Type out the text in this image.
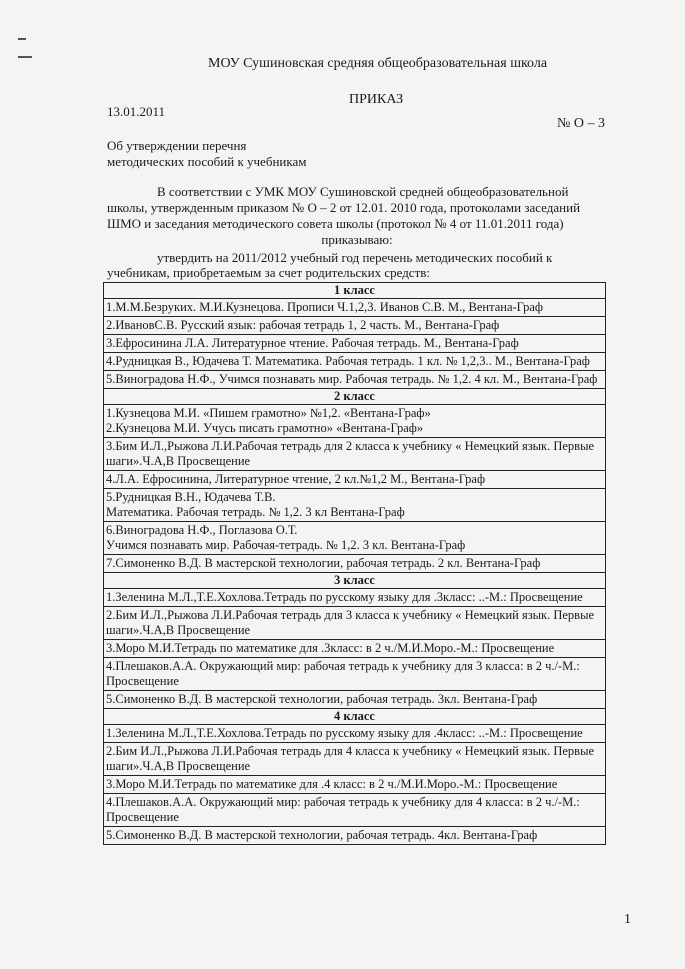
МОУ Сушиновская средняя общеобразовательная школа
ПРИКАЗ
13.01.2011
№ О – 3
Об утверждении перечня
методических пособий к учебникам

В соответствии с УМК МОУ Сушиновской средней общеобразовательной

школы, утвержденным приказом № О – 2 от 12.01. 2010 года, протоколами заседаний

ШМО и заседания методического совета школы (протокол № 4 от 11.01.2011 года)

приказываю:

утвердить на 2011/2012 учебный год перечень методических пособий к учебникам, приобретаемым за счет родительских средств:
1 класс

1.М.М.Безруких. М.И.Кузнецова. Прописи Ч.1,2,3. Иванов С.В. М., Вентана-Граф

2.ИвановС.В. Русский язык: рабочая тетрадь 1, 2 часть. М., Вентана-Граф

3.Ефросинина Л.А. Литературное чтение. Рабочая тетрадь. М., Вентана-Граф

4.Рудницкая В., Юдачева Т. Математика. Рабочая тетрадь. 1 кл. № 1,2,3.. М., Вентана-Граф

5.Виноградова Н.Ф., Учимся познавать мир. Рабочая тетрадь. № 1,2. 4 кл. М., Вентана-Граф

2 класс

1.Кузнецова М.И. «Пишем грамотно» №1,2. «Вентана-Граф»
2.Кузнецова М.И. Учусь писать грамотно» «Вентана-Граф»

3.Бим И.Л.,Рыжова Л.И.Рабочая тетрадь для 2 класса к учебнику « Немецкий язык. Первые шаги».Ч.А,В Просвещение

4.Л.А. Ефросинина, Литературное чтение, 2 кл.№1,2 М., Вентана-Граф

5.Рудницкая В.Н., Юдачева Т.В.
Математика. Рабочая тетрадь. № 1,2. 3 кл Вентана-Граф

6.Виноградова Н.Ф., Поглазова О.Т.
Учимся познавать мир. Рабочая-тетрадь. № 1,2. 3 кл. Вентана-Граф

7.Симоненко В.Д. В мастерской технологии, рабочая тетрадь. 2 кл. Вентана-Граф

3 класс

1.Зеленина М.Л.,Т.Е.Хохлова.Тетрадь по русскому языку для .3класс: ..-М.: Просвещение

2.Бим И.Л.,Рыжова Л.И.Рабочая тетрадь для 3 класса к учебнику « Немецкий язык. Первые шаги».Ч.А,В Просвещение

3.Моро М.И.Тетрадь по математике для .3класс: в 2 ч./М.И.Моро.-М.: Просвещение

4.Плешаков.А.А. Окружающий мир: рабочая тетрадь к учебнику для 3 класса: в 2 ч./-М.: Просвещение

5.Симоненко В.Д. В мастерской технологии, рабочая тетрадь. 3кл. Вентана-Граф

4 класс

1.Зеленина М.Л.,Т.Е.Хохлова.Тетрадь по русскому языку для .4класс: ..-М.: Просвещение

2.Бим И.Л.,Рыжова Л.И.Рабочая тетрадь для 4 класса к учебнику « Немецкий язык. Первые шаги».Ч.А,В Просвещение

3.Моро М.И.Тетрадь по математике для .4 класс: в 2 ч./М.И.Моро.-М.: Просвещение

4.Плешаков.А.А. Окружающий мир: рабочая тетрадь к учебнику для 4 класса: в 2 ч./-М.: Просвещение

5.Симоненко В.Д. В мастерской технологии, рабочая тетрадь. 4кл. Вентана-Граф
1
